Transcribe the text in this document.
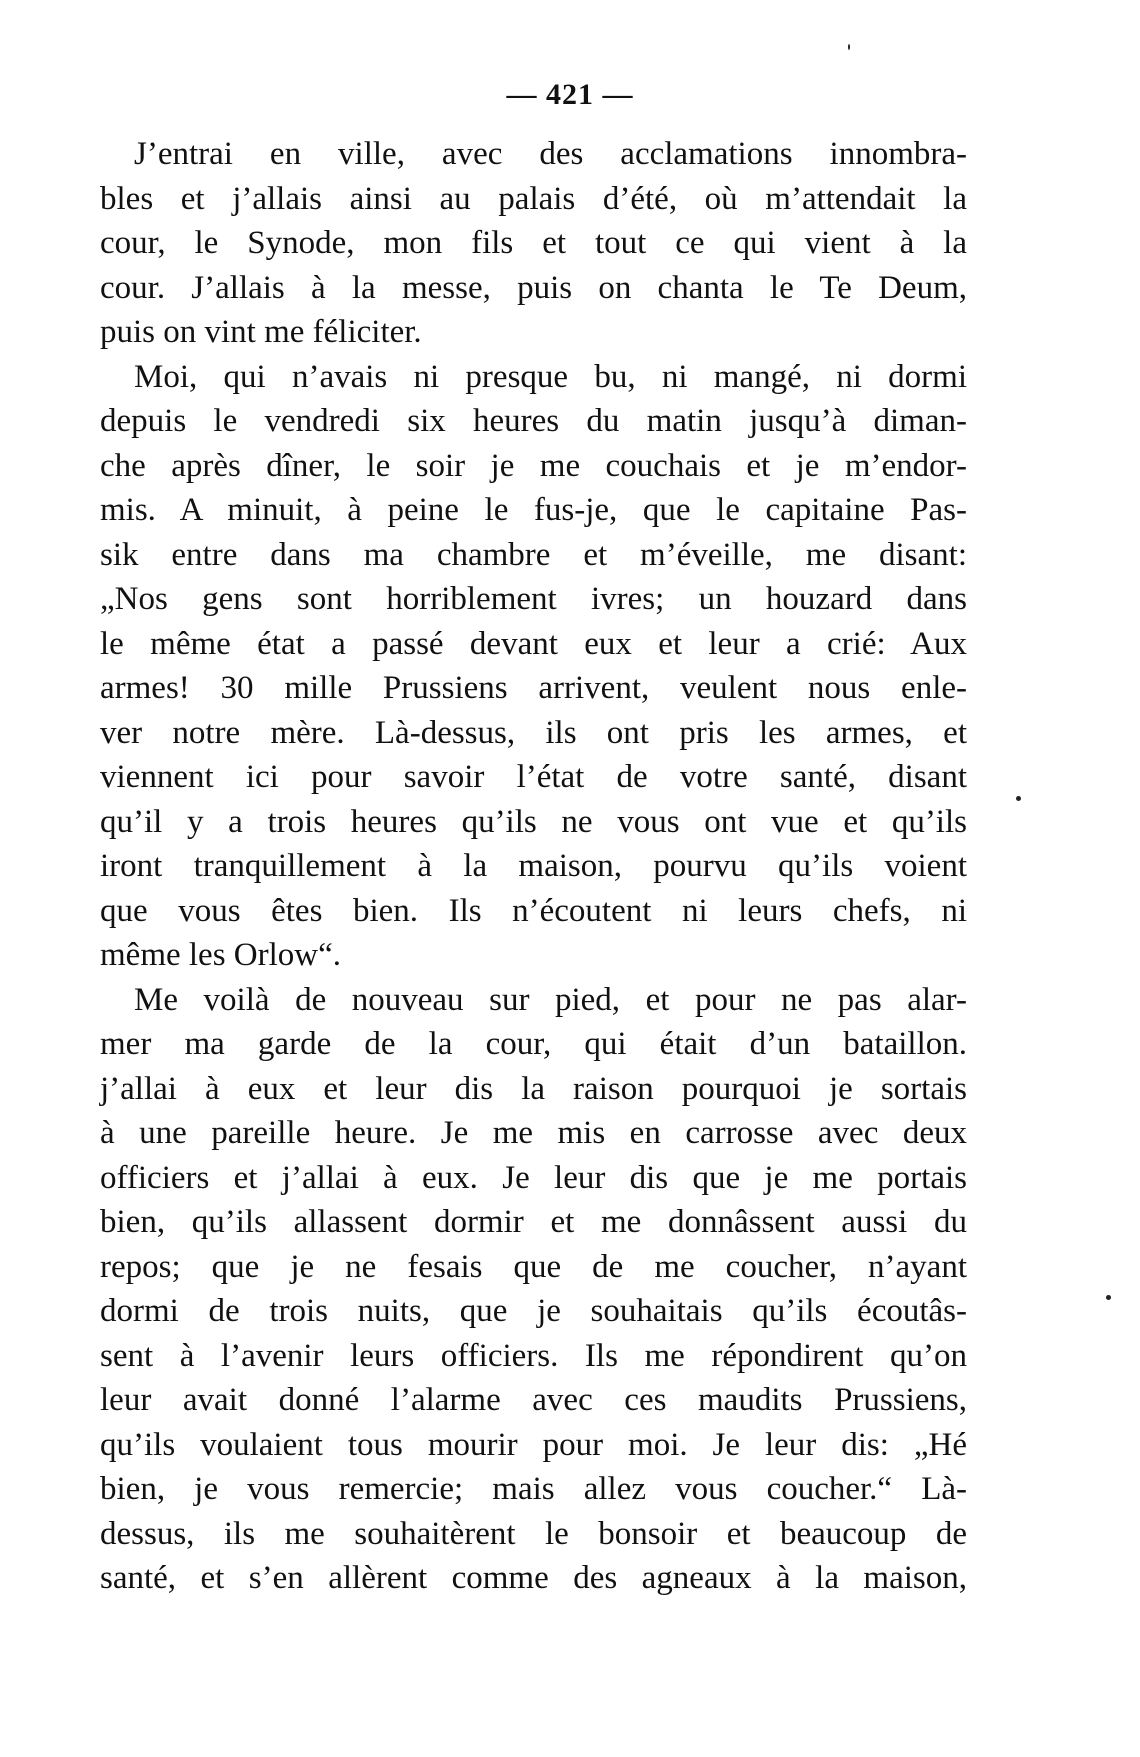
— 421 —
J’entrai en ville, avec des acclamations innombra-
bles et j’allais ainsi au palais d’été, où m’attendait la
cour, le Synode, mon fils et tout ce qui vient à la
cour. J’allais à la messe, puis on chanta le Te Deum,
puis on vint me féliciter.
Moi, qui n’avais ni presque bu, ni mangé, ni dormi
depuis le vendredi six heures du matin jusqu’à diman-
che après dîner, le soir je me couchais et je m’endor-
mis. A minuit, à peine le fus-je, que le capitaine Pas-
sik entre dans ma chambre et m’éveille, me disant:
„Nos gens sont horriblement ivres; un houzard dans
le même état a passé devant eux et leur a crié: Aux
armes! 30 mille Prussiens arrivent, veulent nous enle-
ver notre mère. Là-dessus, ils ont pris les armes, et
viennent ici pour savoir l’état de votre santé, disant
qu’il y a trois heures qu’ils ne vous ont vue et qu’ils
iront tranquillement à la maison, pourvu qu’ils voient
que vous êtes bien. Ils n’écoutent ni leurs chefs, ni
même les Orlow“.
Me voilà de nouveau sur pied, et pour ne pas alar-
mer ma garde de la cour, qui était d’un bataillon.
j’allai à eux et leur dis la raison pourquoi je sortais
à une pareille heure. Je me mis en carrosse avec deux
officiers et j’allai à eux. Je leur dis que je me portais
bien, qu’ils allassent dormir et me donnâssent aussi du
repos; que je ne fesais que de me coucher, n’ayant
dormi de trois nuits, que je souhaitais qu’ils écoutâs-
sent à l’avenir leurs officiers. Ils me répondirent qu’on
leur avait donné l’alarme avec ces maudits Prussiens,
qu’ils voulaient tous mourir pour moi. Je leur dis: „Hé
bien, je vous remercie; mais allez vous coucher.“ Là-
dessus, ils me souhaitèrent le bonsoir et beaucoup de
santé, et s’en allèrent comme des agneaux à la maison,
